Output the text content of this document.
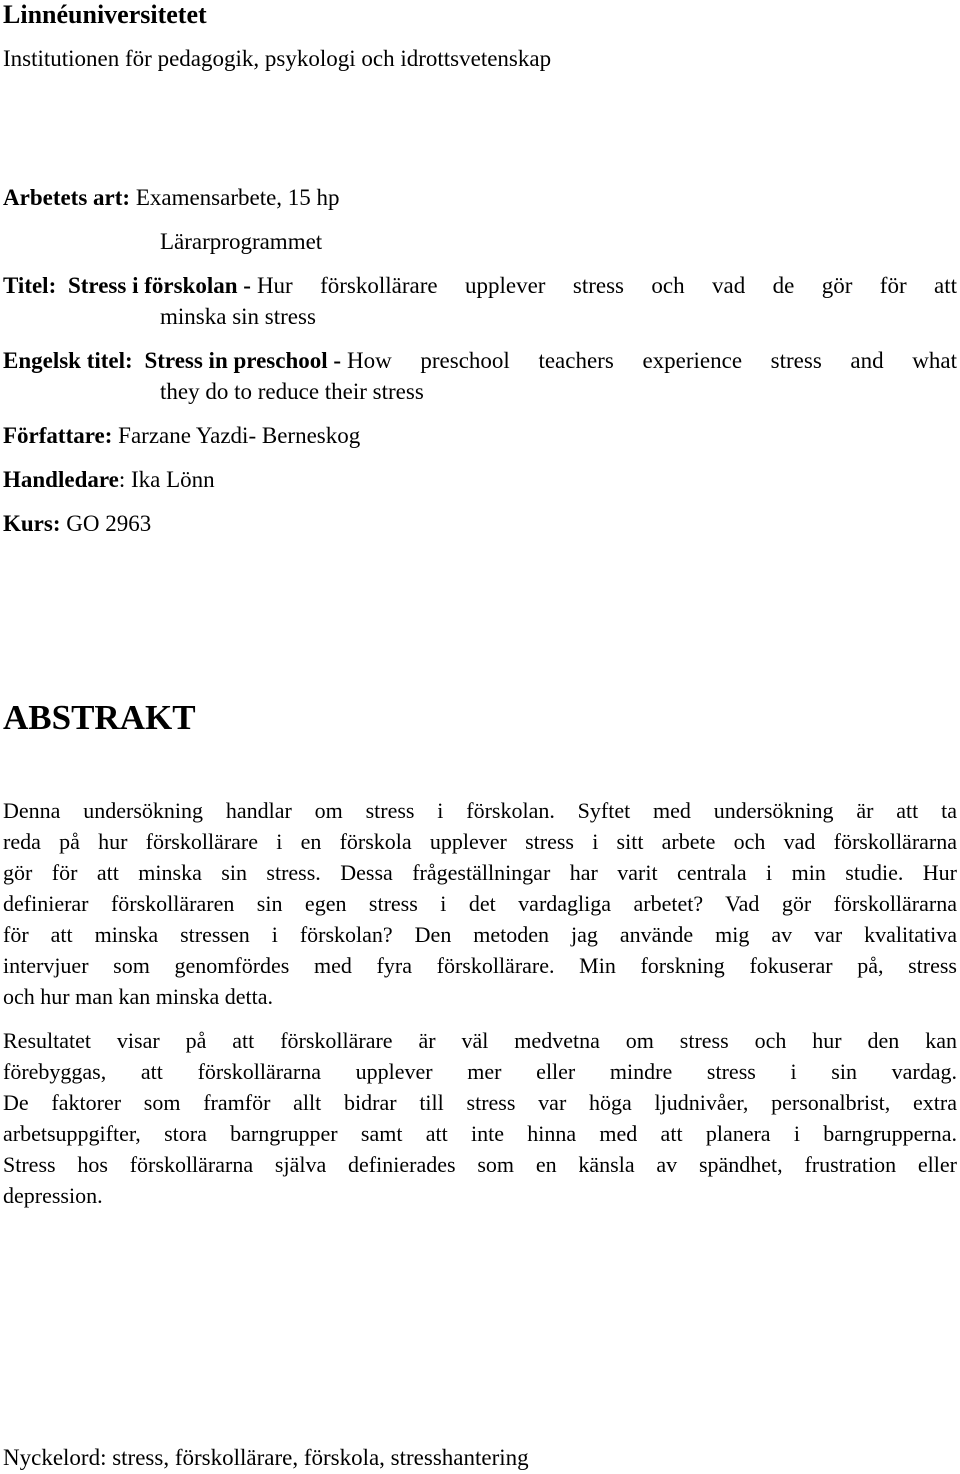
Linnéuniversitetet
Institutionen för pedagogik, psykologi och idrottsvetenskap
Arbetets art: Examensarbete, 15 hp
Lärarprogrammet
Titel: Stress i förskolan - Hur förskollärare upplever stress och vad de gör för att
minska sin stress
Engelsk titel: Stress in preschool - How preschool teachers experience stress and what
they do to reduce their stress
Författare: Farzane Yazdi- Berneskog
Handledare: Ika Lönn
Kurs: GO 2963
ABSTRAKT
Denna undersökning handlar om stress i förskolan. Syftet med undersökning är att ta
reda på hur förskollärare i en förskola upplever stress i sitt arbete och vad förskollärarna
gör för att minska sin stress. Dessa frågeställningar har varit centrala i min studie. Hur
definierar förskolläraren sin egen stress i det vardagliga arbetet? Vad gör förskollärarna
för att minska stressen i förskolan? Den metoden jag använde mig av var kvalitativa
intervjuer som genomfördes med fyra förskollärare. Min forskning fokuserar på, stress
och hur man kan minska detta.
Resultatet visar på att förskollärare är väl medvetna om stress och hur den kan
förebyggas, att förskollärarna upplever mer eller mindre stress i sin vardag.
De faktorer som framför allt bidrar till stress var höga ljudnivåer, personalbrist, extra
arbetsuppgifter, stora barngrupper samt att inte hinna med att planera i barngrupperna.
Stress hos förskollärarna själva definierades som en känsla av spändhet, frustration eller
depression.
Nyckelord: stress, förskollärare, förskola, stresshantering
